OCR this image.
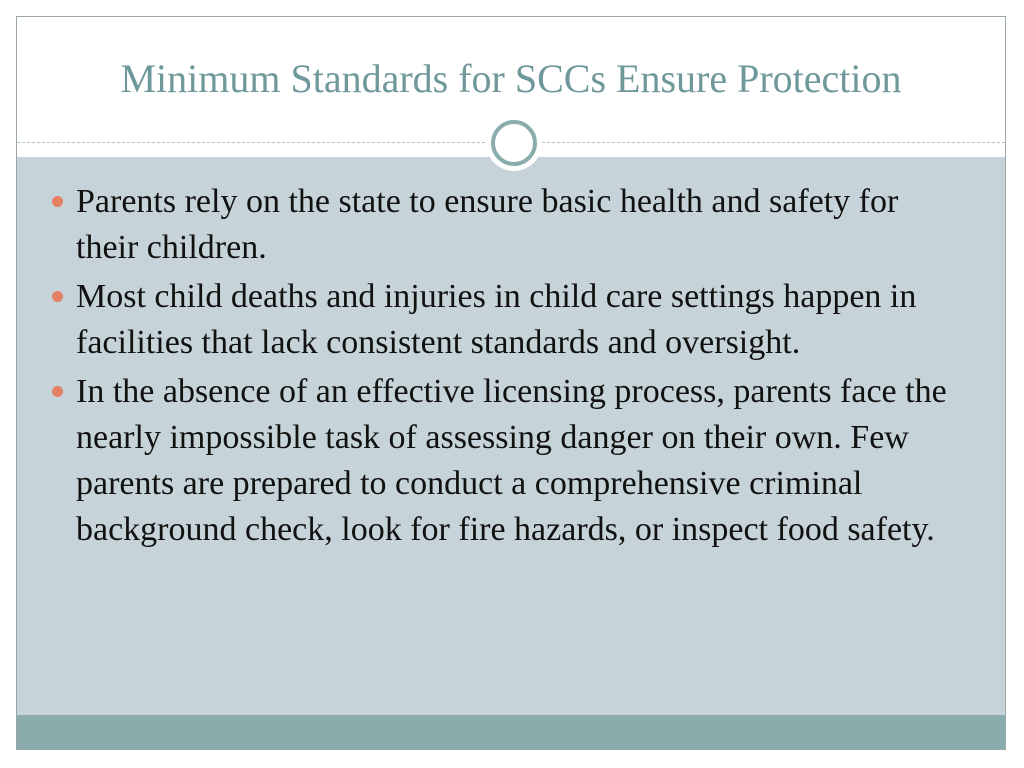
Minimum Standards for SCCs Ensure Protection
Parents rely on the state to ensure basic health and safety for their children.
Most child deaths and injuries in child care settings happen in facilities that lack consistent standards and oversight.
In the absence of an effective licensing process, parents face the nearly impossible task of assessing danger on their own. Few parents are prepared to conduct a comprehensive criminal background check, look for fire hazards, or inspect food safety.
